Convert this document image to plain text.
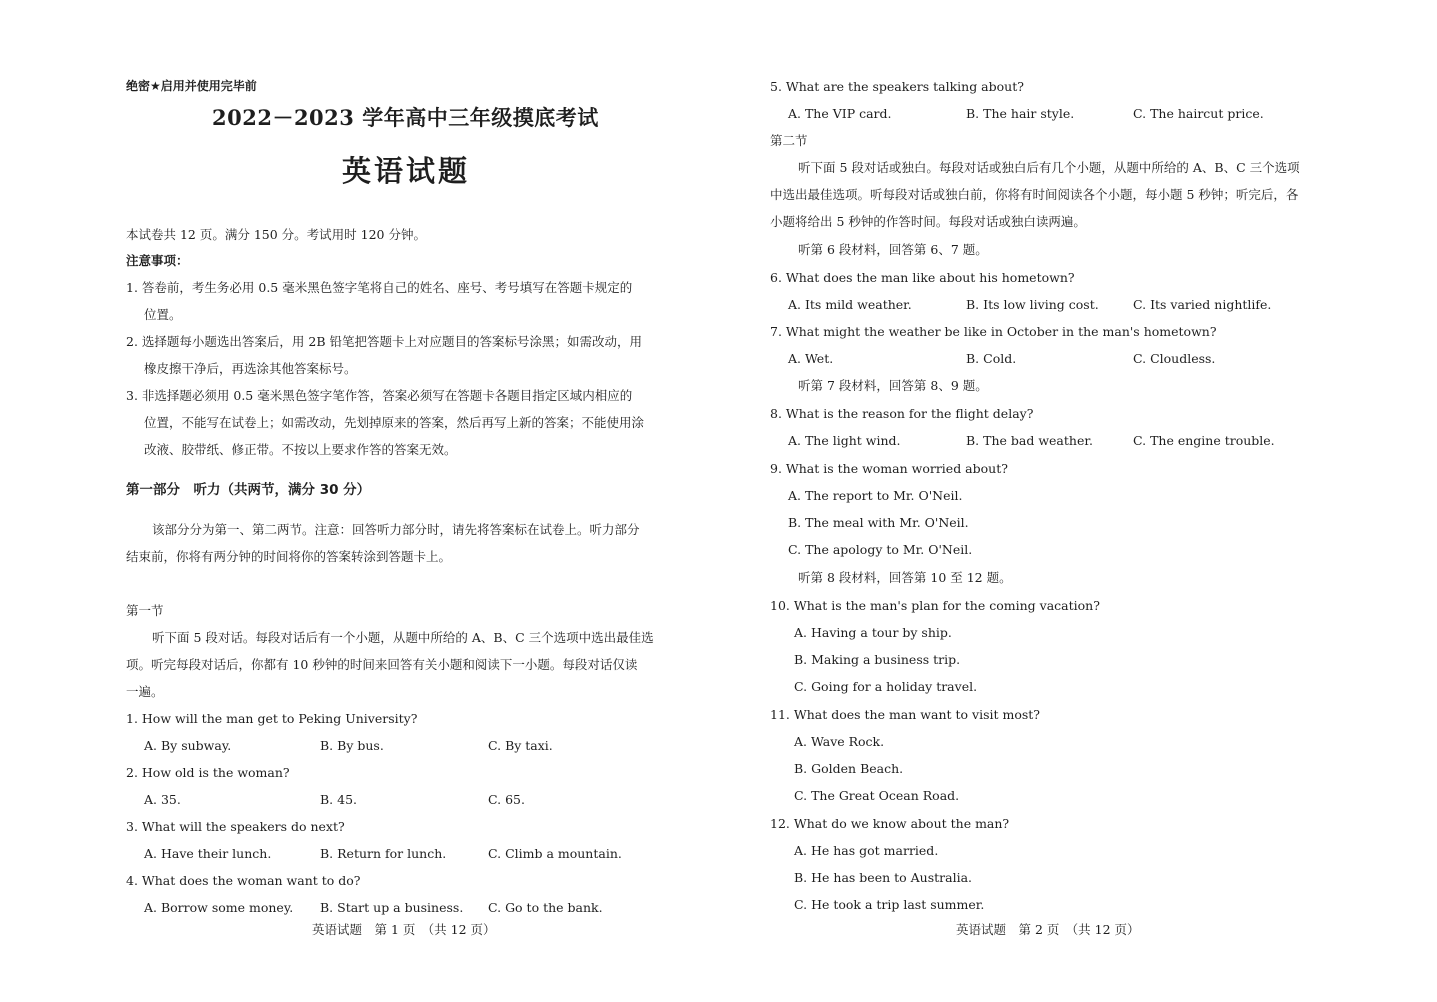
绝密★启用并使用完毕前
2022－2023 学年高中三年级摸底考试
英语试题
本试卷共 12 页。满分 150 分。考试用时 120 分钟。
注意事项：
1. 答卷前，考生务必用 0.5 毫米黑色签字笔将自己的姓名、座号、考号填写在答题卡规定的
位置。
2. 选择题每小题选出答案后，用 2B 铅笔把答题卡上对应题目的答案标号涂黑；如需改动，用
橡皮擦干净后，再选涂其他答案标号。
3. 非选择题必须用 0.5 毫米黑色签字笔作答，答案必须写在答题卡各题目指定区域内相应的
位置，不能写在试卷上；如需改动，先划掉原来的答案，然后再写上新的答案；不能使用涂
改液、胶带纸、修正带。不按以上要求作答的答案无效。
第一部分　听力（共两节，满分 30 分）
该部分分为第一、第二两节。注意：回答听力部分时，请先将答案标在试卷上。听力部分
结束前，你将有两分钟的时间将你的答案转涂到答题卡上。
第一节
听下面 5 段对话。每段对话后有一个小题，从题中所给的 A、B、C 三个选项中选出最佳选
项。听完每段对话后，你都有 10 秒钟的时间来回答有关小题和阅读下一小题。每段对话仅读
一遍。
1. How will the man get to Peking University?
A. By subway.	B. By bus.	C. By taxi.
2. How old is the woman?
A. 35.	B. 45.	C. 65.
3. What will the speakers do next?
A. Have their lunch.	B. Return for lunch.	C. Climb a mountain.
4. What does the woman want to do?
A. Borrow some money. B. Start up a business. C. Go to the bank.
英语试题　第 1 页　（共 12 页）
5. What are the speakers talking about?
A. The VIP card.	B. The hair style.	C. The haircut price.
第二节
听下面 5 段对话或独白。每段对话或独白后有几个小题，从题中所给的 A、B、C 三个选项
中选出最佳选项。听每段对话或独白前，你将有时间阅读各个小题，每小题 5 秒钟；听完后，各
小题将给出 5 秒钟的作答时间。每段对话或独白读两遍。
听第 6 段材料，回答第 6、7 题。
6. What does the man like about his hometown?
A. Its mild weather.	B. Its low living cost.	C. Its varied nightlife.
7. What might the weather be like in October in the man's hometown?
A. Wet.	B. Cold.	C. Cloudless.
听第 7 段材料，回答第 8、9 题。
8. What is the reason for the flight delay?
A. The light wind.	B. The bad weather.	C. The engine trouble.
9. What is the woman worried about?
A. The report to Mr. O'Neil.
B. The meal with Mr. O'Neil.
C. The apology to Mr. O'Neil.
听第 8 段材料，回答第 10 至 12 题。
10. What is the man's plan for the coming vacation?
A. Having a tour by ship.
B. Making a business trip.
C. Going for a holiday travel.
11. What does the man want to visit most?
A. Wave Rock.
B. Golden Beach.
C. The Great Ocean Road.
12. What do we know about the man?
A. He has got married.
B. He has been to Australia.
C. He took a trip last summer.
英语试题　第 2 页　（共 12 页）
